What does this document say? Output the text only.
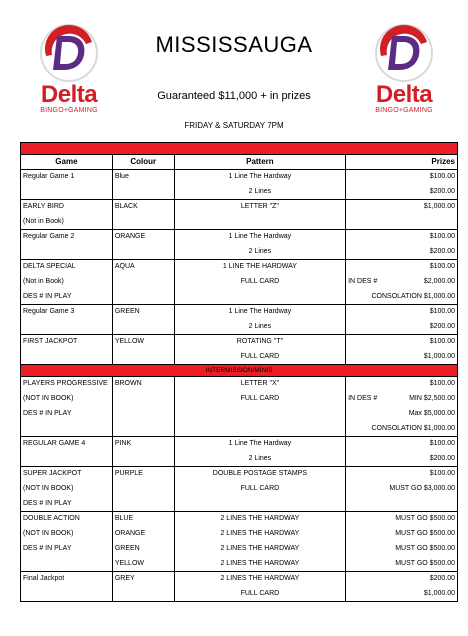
Delta
BINGO+GAMING
Delta
BINGO+GAMING
MISSISSAUGA
Guaranteed $11,000 + in prizes
FRIDAY & SATURDAY 7PM

Game	Colour	Pattern	Prizes
Regular Game 1	Blue	1 Line The Hardway	$100.00
		2 Lines	$200.00
EARLY BIRD	BLACK	LETTER "Z"	$1,000.00
(Not in Book)			
Regular Game 2	ORANGE	1 Line The Hardway	$100.00
		2 Lines	$200.00
DELTA SPECIAL	AQUA	1 LINE THE HARDWAY	$100.00
(Not in Book)		FULL CARD	IN DES # $2,000.00
DES # IN PLAY			CONSOLATION $1,000.00
Regular Game 3	GREEN	1 Line The Hardway	$100.00
		2 Lines	$200.00
FIRST JACKPOT	YELLOW	ROTATING "T"	$100.00
		FULL CARD	$1,000.00
INTERMISSION/MINIS			
PLAYERS PROGRESSIVE	BROWN	LETTER "X"	$100.00
(NOT IN BOOK)		FULL CARD	IN DES # MIN $2,500.00
DES # IN PLAY			Max $5,000.00
			CONSOLATION $1,000.00
REGULAR GAME 4	PINK	1 Line The Hardway	$100.00
		2 Lines	$200.00
SUPER JACKPOT	PURPLE	DOUBLE POSTAGE STAMPS	$100.00
(NOT IN BOOK)		FULL CARD	MUST GO $3,000.00
DES # IN PLAY			
DOUBLE ACTION	BLUE	2 LINES THE HARDWAY	MUST GO $500.00
(NOT IN BOOK)	ORANGE	2 LINES THE HARDWAY	MUST GO $500.00
DES # IN PLAY	GREEN	2 LINES THE HARDWAY	MUST GO $500.00
	YELLOW	2 LINES THE HARDWAY	MUST GO $500.00
Final Jackpot	GREY	2 LINES THE HARDWAY	$200.00
		FULL CARD	$1,000.00
